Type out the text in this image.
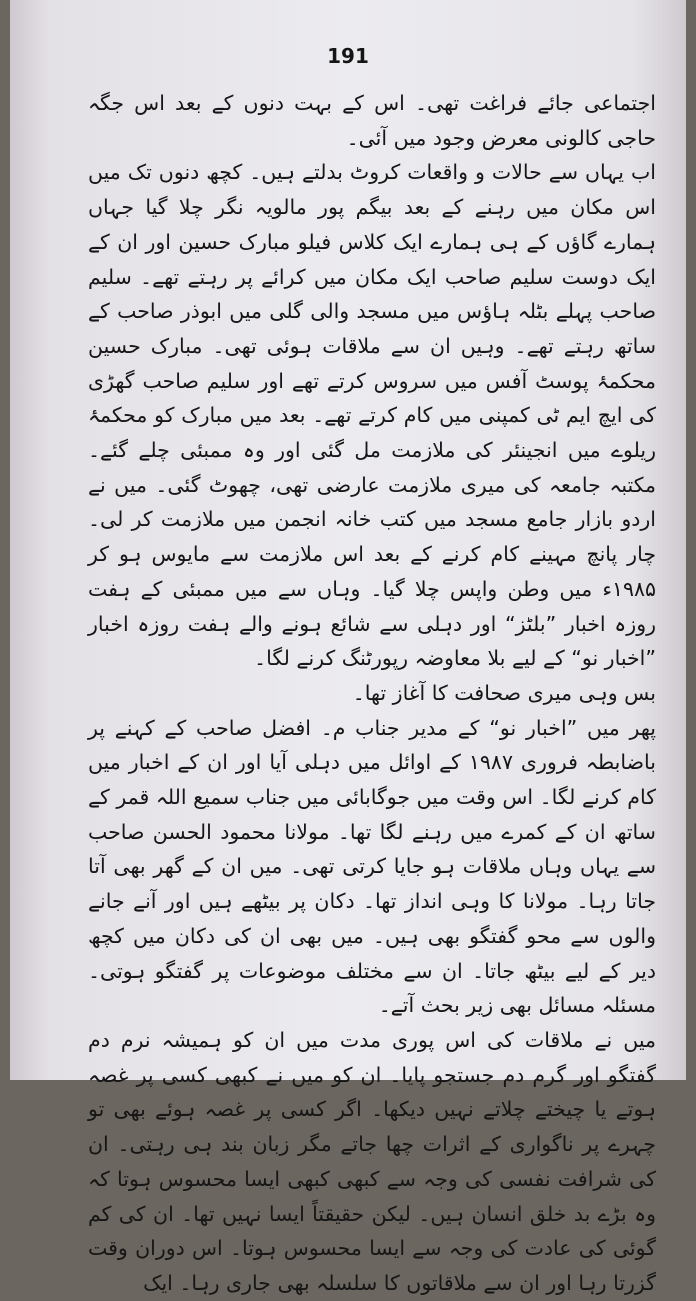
191

اجتماعی جائے فراغت تھی۔ اس کے بہت دنوں کے بعد اس جگہ حاجی کالونی معرض وجود میں آئی۔

اب یہاں سے حالات و واقعات کروٹ بدلتے ہیں۔ کچھ دنوں تک میں اس مکان میں رہنے کے بعد بیگم پور مالویہ نگر چلا گیا جہاں ہمارے گاؤں کے ہی ہمارے ایک کلاس فیلو مبارک حسین اور ان کے ایک دوست سلیم صاحب ایک مکان میں کرائے پر رہتے تھے۔ سلیم صاحب پہلے بٹلہ ہاؤس میں مسجد والی گلی میں ابوذر صاحب کے ساتھ رہتے تھے۔ وہیں ان سے ملاقات ہوئی تھی۔ مبارک حسین محکمۂ پوسٹ آفس میں سروس کرتے تھے اور سلیم صاحب گھڑی کی ایچ ایم ٹی کمپنی میں کام کرتے تھے۔ بعد میں مبارک کو محکمۂ ریلوے میں انجینئر کی ملازمت مل گئی اور وہ ممبئی چلے گئے۔ مکتبہ جامعہ کی میری ملازمت عارضی تھی، چھوٹ گئی۔ میں نے اردو بازار جامع مسجد میں کتب خانہ انجمن میں ملازمت کر لی۔ چار پانچ مہینے کام کرنے کے بعد اس ملازمت سے مایوس ہو کر ۱۹۸۵ء میں وطن واپس چلا گیا۔ وہاں سے میں ممبئی کے ہفت روزہ اخبار ”بلٹز“ اور دہلی سے شائع ہونے والے ہفت روزہ اخبار ”اخبار نو“ کے لیے بلا معاوضہ رپورٹنگ کرنے لگا۔

بس وہی میری صحافت کا آغاز تھا۔

پھر میں ”اخبار نو“ کے مدیر جناب م۔ افضل صاحب کے کہنے پر باضابطہ فروری ۱۹۸۷ کے اوائل میں دہلی آیا اور ان کے اخبار میں کام کرنے لگا۔ اس وقت میں جوگابائی میں جناب سمیع اللہ قمر کے ساتھ ان کے کمرے میں رہنے لگا تھا۔ مولانا محمود الحسن صاحب سے یہاں وہاں ملاقات ہو جایا کرتی تھی۔ میں ان کے گھر بھی آتا جاتا رہا۔ مولانا کا وہی انداز تھا۔ دکان پر بیٹھے ہیں اور آنے جانے والوں سے محو گفتگو بھی ہیں۔ میں بھی ان کی دکان میں کچھ دیر کے لیے بیٹھ جاتا۔ ان سے مختلف موضوعات پر گفتگو ہوتی۔ مسئلہ مسائل بھی زیر بحث آتے۔

میں نے ملاقات کی اس پوری مدت میں ان کو ہمیشہ نرم دم گفتگو اور گرم دم جستجو پایا۔ ان کو میں نے کبھی کسی پر غصہ ہوتے یا چیختے چلاتے نہیں دیکھا۔ اگر کسی پر غصہ ہوئے بھی تو چہرے پر ناگواری کے اثرات چھا جاتے مگر زبان بند ہی رہتی۔ ان کی شرافت نفسی کی وجہ سے کبھی کبھی ایسا محسوس ہوتا کہ وہ بڑے بد خلق انسان ہیں۔ لیکن حقیقتاً ایسا نہیں تھا۔ ان کی کم گوئی کی عادت کی وجہ سے ایسا محسوس ہوتا۔ اس دوران وقت گزرتا رہا اور ان سے ملاقاتوں کا سلسلہ بھی جاری رہا۔ ایک
